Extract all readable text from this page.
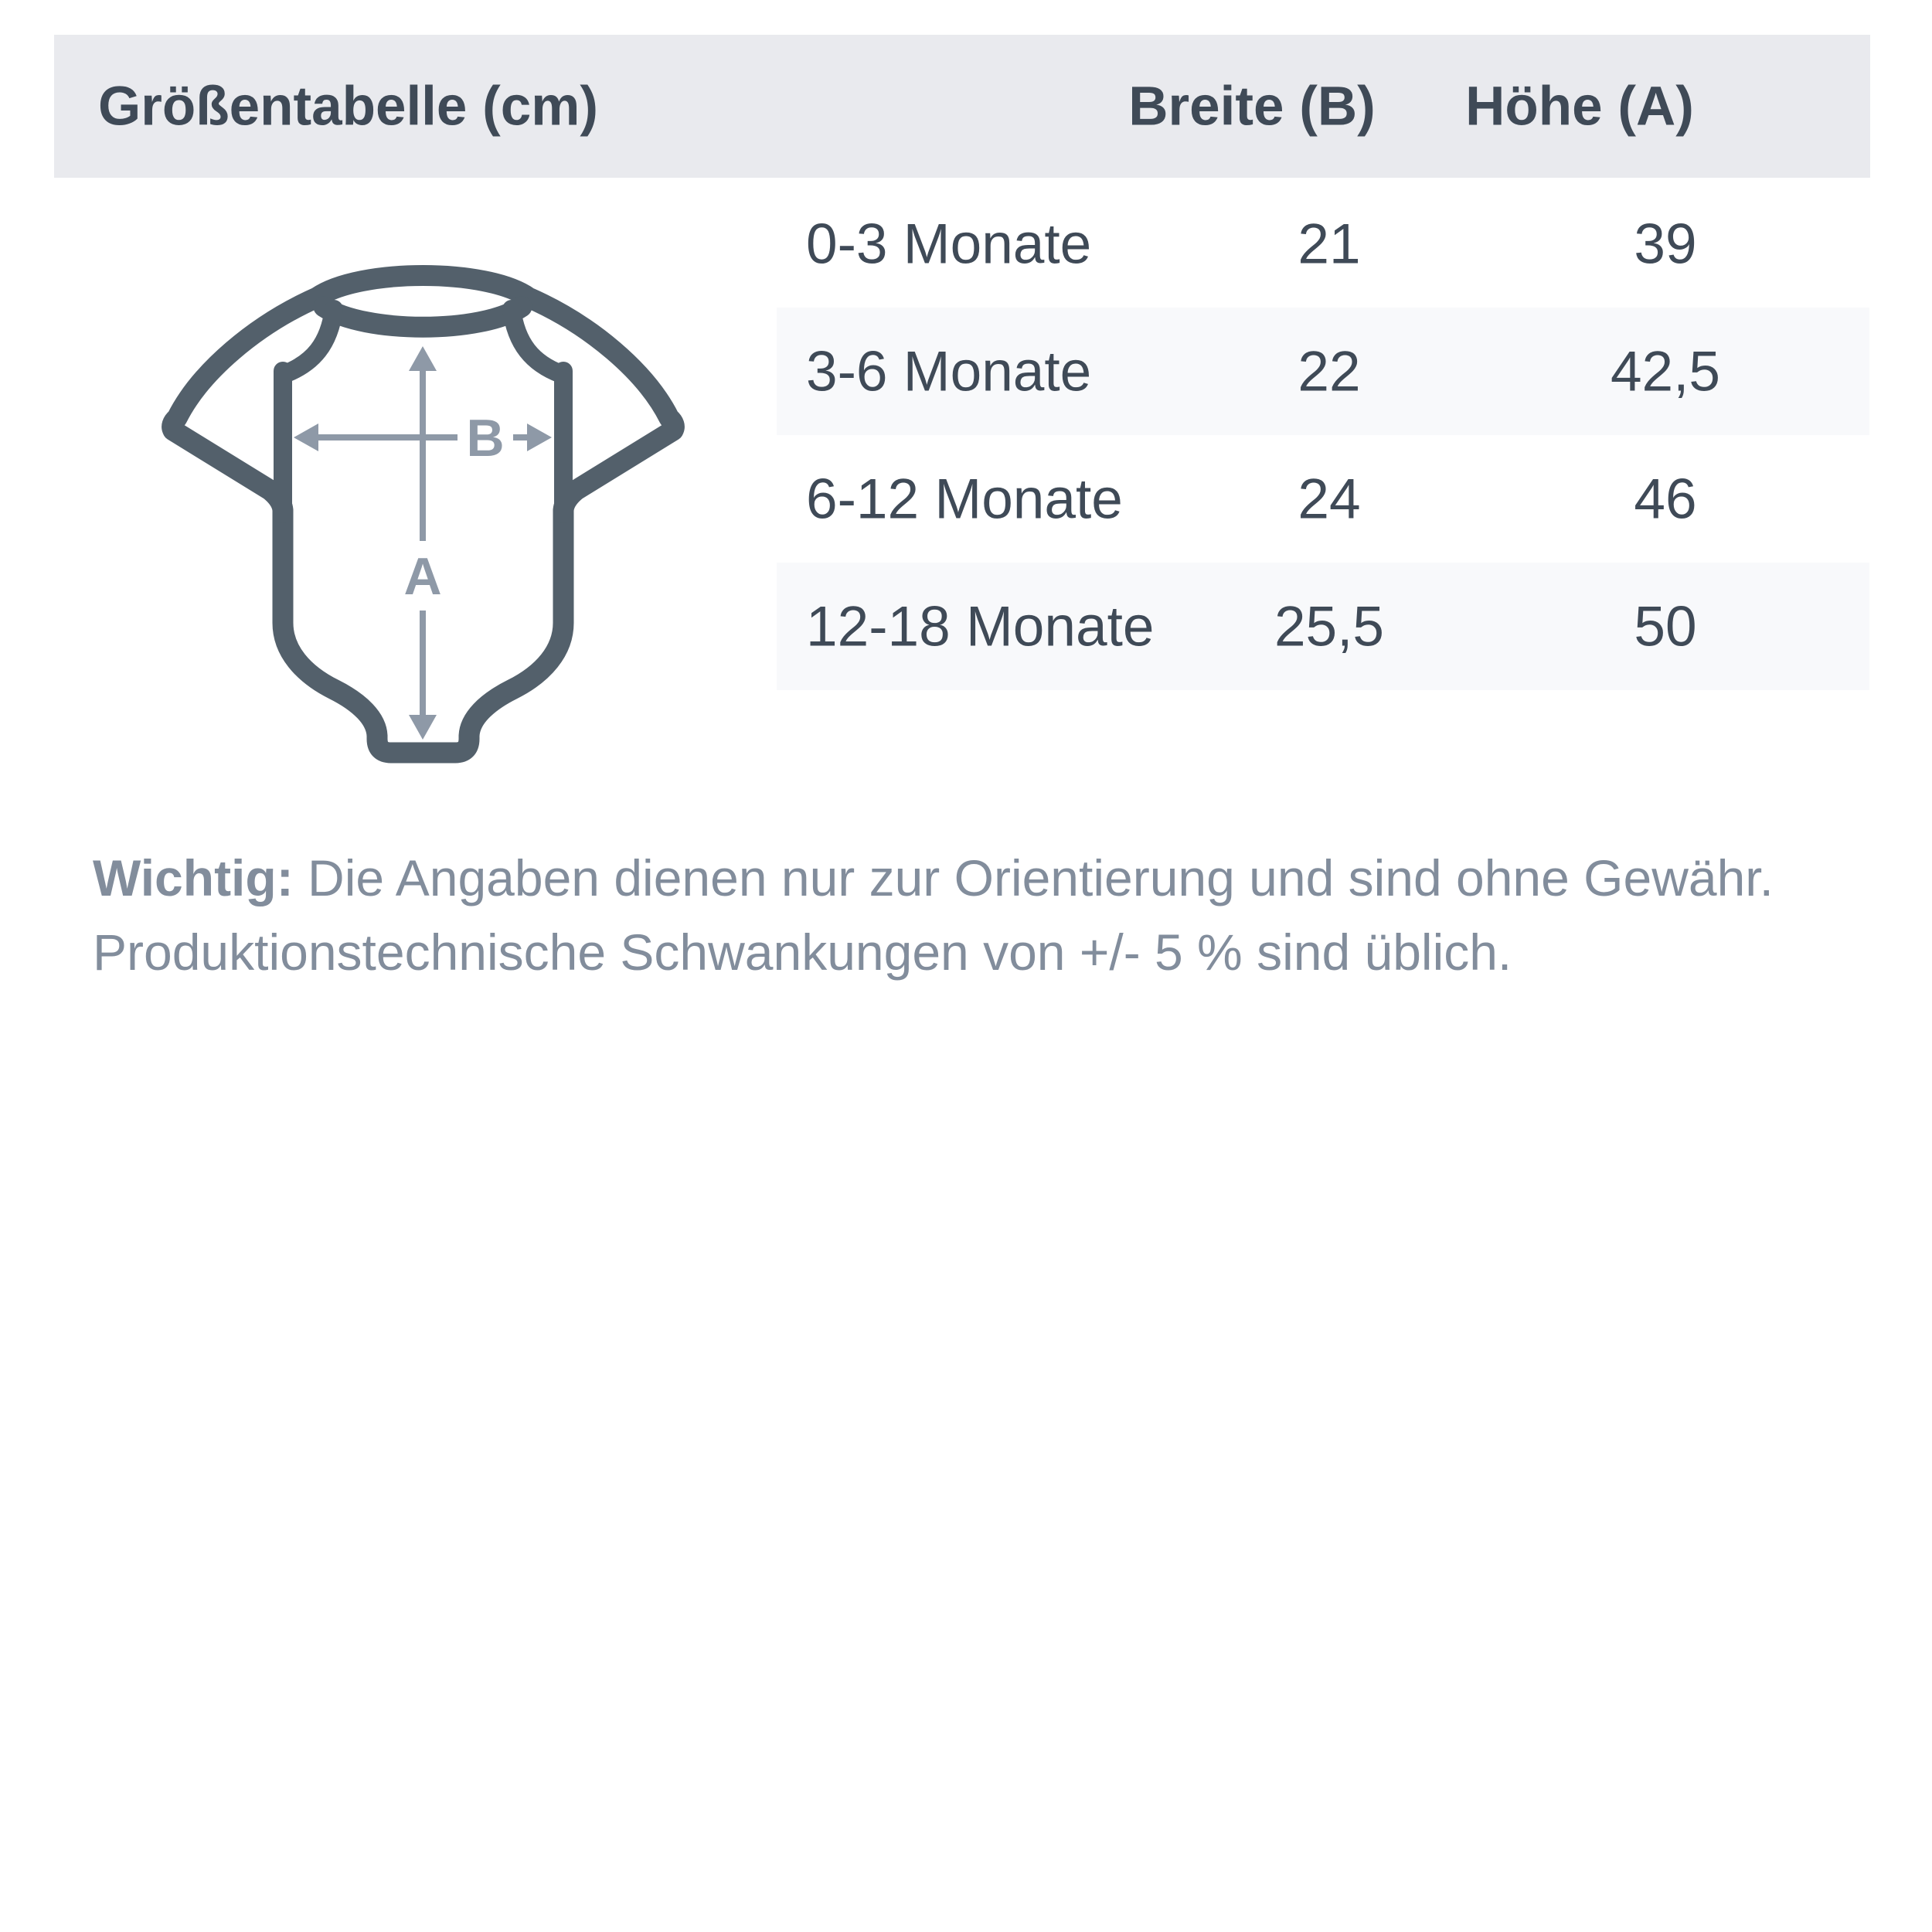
Größentabelle (cm)	Breite (B) Höhe (A)
0-3 Monate	21	39
3-6 Monate	22	42,5
6-12 Monate	24	46
12-18 Monate 25,5	50
B
A
Wichtig: Die Angaben dienen nur zur Orientierung und sind ohne Gewähr.
Produktionstechnische Schwankungen von +/- 5 % sind üblich.
